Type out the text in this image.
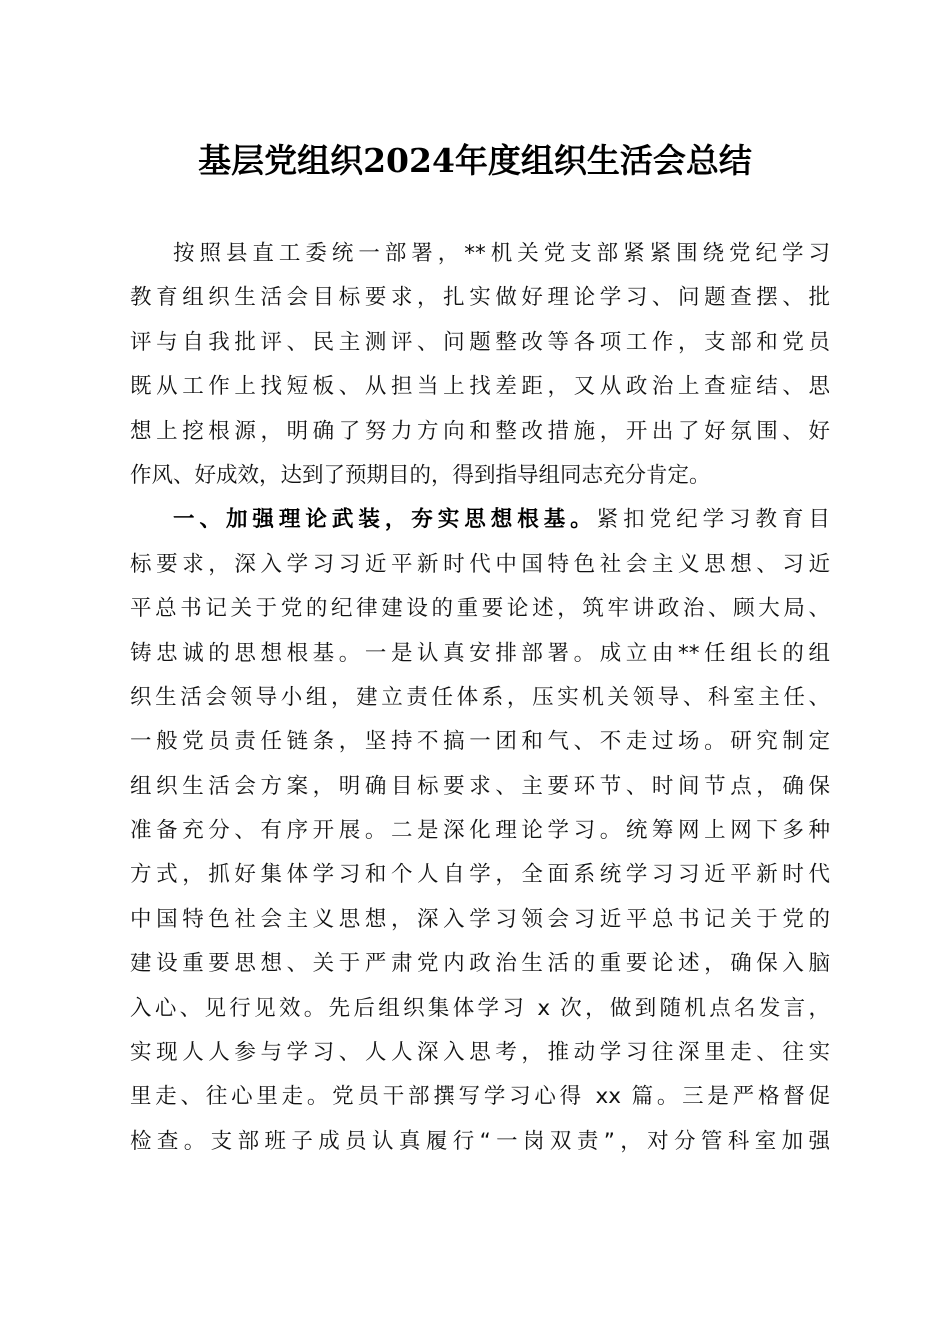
基层党组织2024年度组织生活会总结
按照县直工委统一部署，**机关党支部紧紧围绕党纪学习
教育组织生活会目标要求，扎实做好理论学习、问题查摆、批
评与自我批评、民主测评、问题整改等各项工作，支部和党员
既从工作上找短板、从担当上找差距，又从政治上查症结、思
想上挖根源，明确了努力方向和整改措施，开出了好氛围、好
作风、好成效，达到了预期目的，得到指导组同志充分肯定。
一、加强理论武装，夯实思想根基。紧扣党纪学习教育目
标要求，深入学习习近平新时代中国特色社会主义思想、习近
平总书记关于党的纪律建设的重要论述，筑牢讲政治、顾大局、
铸忠诚的思想根基。一是认真安排部署。成立由**任组长的组
织生活会领导小组，建立责任体系，压实机关领导、科室主任、
一般党员责任链条，坚持不搞一团和气、不走过场。研究制定
组织生活会方案，明确目标要求、主要环节、时间节点，确保
准备充分、有序开展。二是深化理论学习。统筹网上网下多种
方式，抓好集体学习和个人自学，全面系统学习习近平新时代
中国特色社会主义思想，深入学习领会习近平总书记关于党的
建设重要思想、关于严肃党内政治生活的重要论述，确保入脑
入心、见行见效。先后组织集体学习 x 次，做到随机点名发言，
实现人人参与学习、人人深入思考，推动学习往深里走、往实
里走、往心里走。党员干部撰写学习心得 xx 篇。三是严格督促
检查。支部班子成员认真履行“一岗双责”，对分管科室加强
